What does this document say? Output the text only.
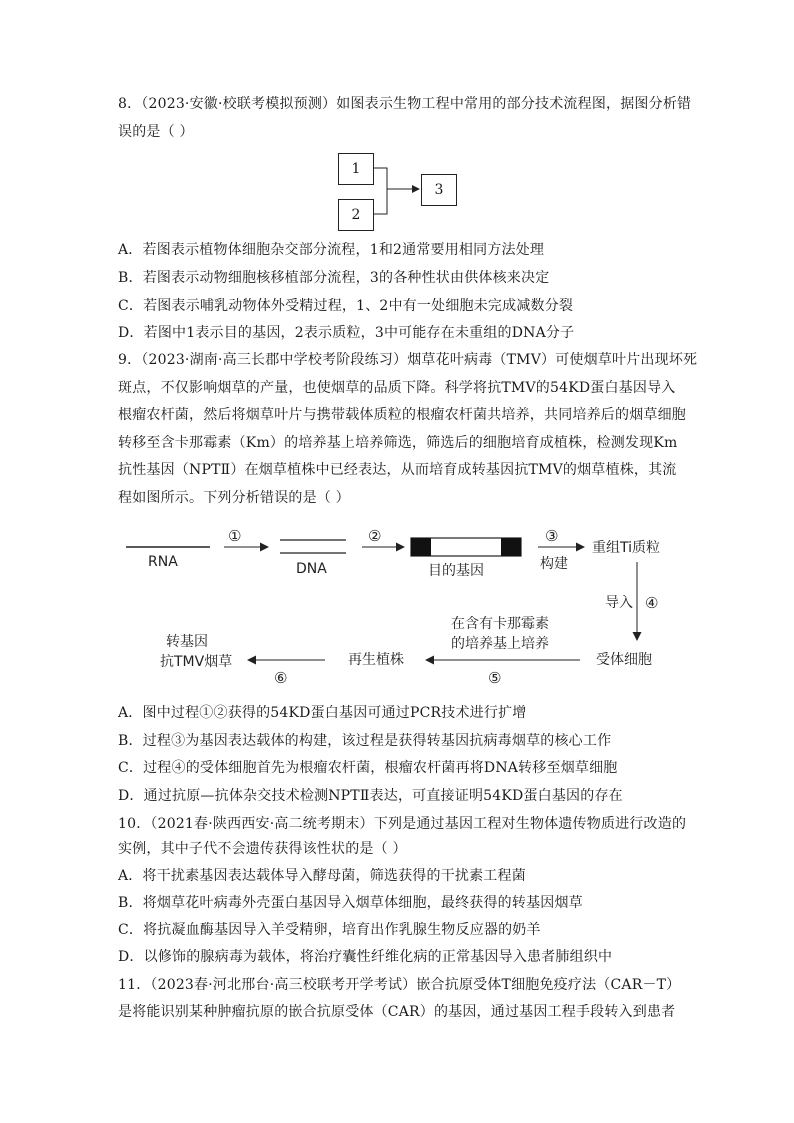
8．（2023·安徽·校联考模拟预测）如图表示生物工程中常用的部分技术流程图，据图分析错
误的是（ ）
1
2
3
A．若图表示植物体细胞杂交部分流程，1和2通常要用相同方法处理
B．若图表示动物细胞核移植部分流程，3的各种性状由供体核来决定
C．若图表示哺乳动物体外受精过程，1、2中有一处细胞未完成减数分裂
D．若图中1表示目的基因，2表示质粒，3中可能存在未重组的DNA分子
9．（2023·湖南·高三长郡中学校考阶段练习）烟草花叶病毒（TMV）可使烟草叶片出现坏死
斑点，不仅影响烟草的产量，也使烟草的品质下降。科学将抗TMV的54KD蛋白基因导入
根瘤农杆菌，然后将烟草叶片与携带载体质粒的根瘤农杆菌共培养，共同培养后的烟草细胞
转移至含卡那霉素（Km）的培养基上培养筛选，筛选后的细胞培育成植株，检测发现Km
抗性基因（NPTⅡ）在烟草植株中已经表达，从而培育成转基因抗TMV的烟草植株，其流
程如图所示。下列分析错误的是（ ）
RNA
①
DNA
②
目的基因
③
构建
重组Ti质粒
导入 ④
受体细胞
在含有卡那霉素
的培养基上培养
⑤
再生植株
⑥
转基因
抗TMV烟草
A．图中过程①②获得的54KD蛋白基因可通过PCR技术进行扩增
B．过程③为基因表达载体的构建，该过程是获得转基因抗病毒烟草的核心工作
C．过程④的受体细胞首先为根瘤农杆菌，根瘤农杆菌再将DNA转移至烟草细胞
D．通过抗原—抗体杂交技术检测NPTⅡ表达，可直接证明54KD蛋白基因的存在
10．（2021春·陕西西安·高二统考期末）下列是通过基因工程对生物体遗传物质进行改造的
实例，其中子代不会遗传获得该性状的是（ ）
A．将干扰素基因表达载体导入酵母菌，筛选获得的干扰素工程菌
B．将烟草花叶病毒外壳蛋白基因导入烟草体细胞，最终获得的转基因烟草
C．将抗凝血酶基因导入羊受精卵，培育出作乳腺生物反应器的奶羊
D．以修饰的腺病毒为载体，将治疗囊性纤维化病的正常基因导入患者肺组织中
11．（2023春·河北邢台·高三校联考开学考试）嵌合抗原受体T细胞免疫疗法（CAR－T）
是将能识别某种肿瘤抗原的嵌合抗原受体（CAR）的基因，通过基因工程手段转入到患者
